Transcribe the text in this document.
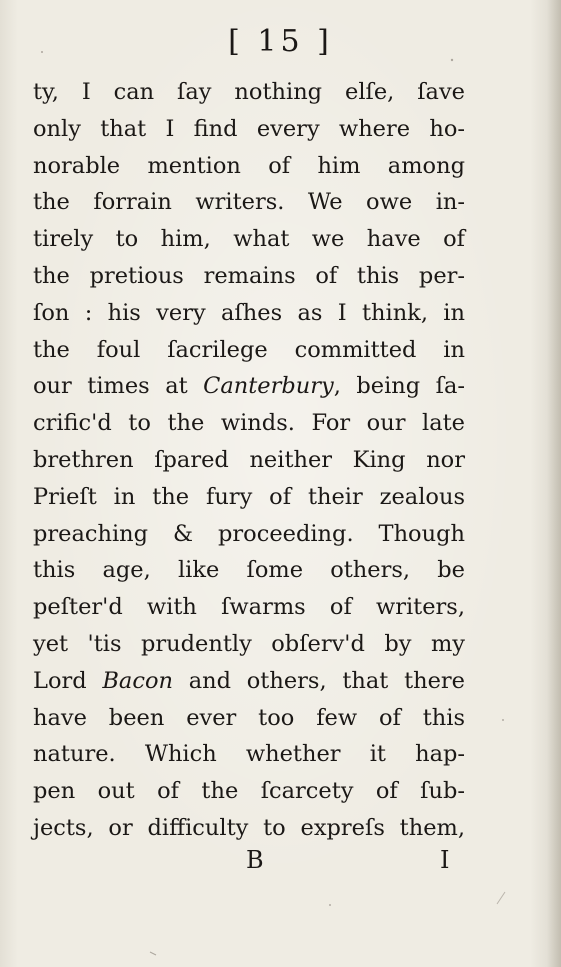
[ 15 ]
ty, I can ſay nothing elſe, ſave
only that I find every where ho-
norable mention of him among
the forrain writers. We owe in-
tirely to him, what we have of
the pretious remains of this per-
ſon : his very aſhes as I think, in
the foul ſacrilege committed in
our times at Canterbury, being ſa-
crific'd to the winds. For our late
brethren ſpared neither King nor
Prieſt in the fury of their zealous
preaching & proceeding. Though
this age, like ſome others, be
peſter'd with ſwarms of writers,
yet 'tis prudently obſerv'd by my
Lord Bacon and others, that there
have been ever too few of this
nature. Which whether it hap-
pen out of the ſcarcety of ſub-
jects, or difficulty to expreſs them,
B	I
